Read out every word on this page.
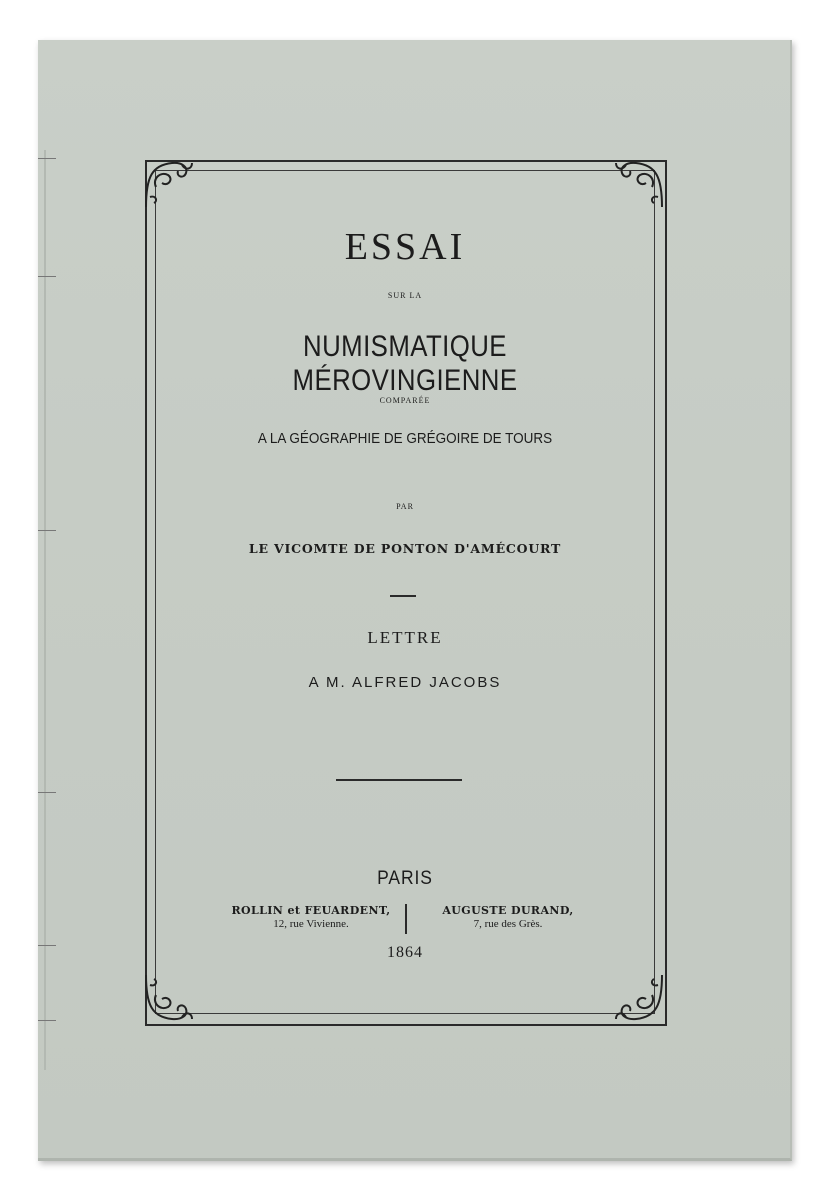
ESSAI
SUR LA
NUMISMATIQUE MÉROVINGIENNE
COMPARÉE
A LA GÉOGRAPHIE DE GRÉGOIRE DE TOURS
PAR
LE VICOMTE DE PONTON D'AMÉCOURT
LETTRE
A M. ALFRED JACOBS
PARIS
ROLLIN et FEUARDENT,
12, rue Vivienne.
AUGUSTE DURAND,
7, rue des Grès.
1864
